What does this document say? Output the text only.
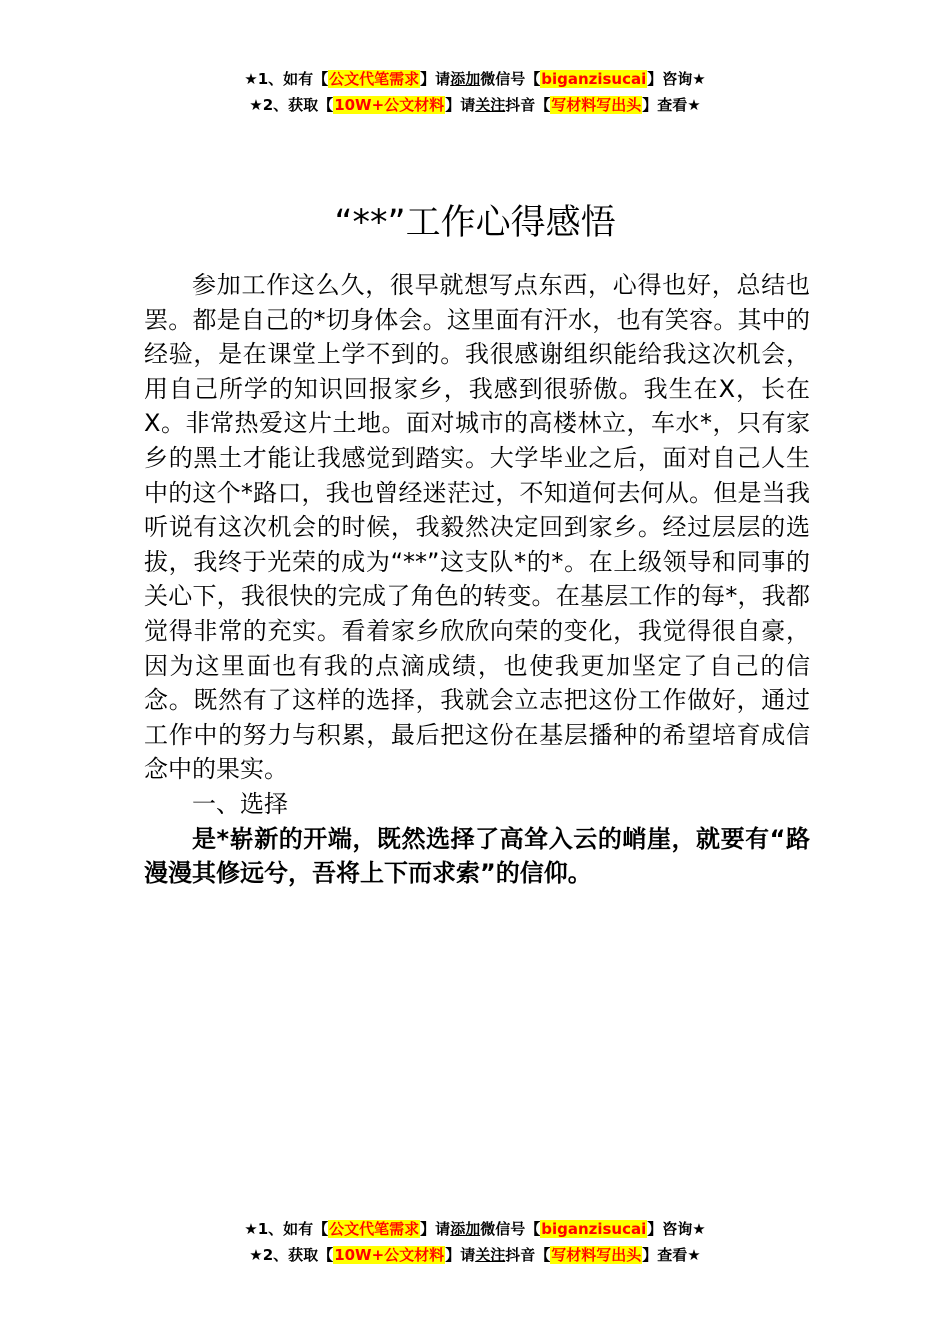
★1、如有【公文代笔需求】请添加微信号【biganzisucai】咨询★
★2、获取【10W+公文材料】请关注抖音【写材料写出头】查看★
“**”工作心得感悟

参加工作这么久，很早就想写点东西，心得也好，总结也罢。都是自己的*切身体会。这里面有汗水，也有笑容。其中的经验，是在课堂上学不到的。我很感谢组织能给我这次机会，用自己所学的知识回报家乡，我感到很骄傲。我生在X，长在X。非常热爱这片土地。面对城市的高楼林立，车水*，只有家乡的黑土才能让我感觉到踏实。大学毕业之后，面对自己人生中的这个*路口，我也曾经迷茫过，不知道何去何从。但是当我听说有这次机会的时候，我毅然决定回到家乡。经过层层的选拔，我终于光荣的成为“**”这支队*的*。在上级领导和同事的关心下，我很快的完成了角色的转变。在基层工作的每*，我都觉得非常的充实。看着家乡欣欣向荣的变化，我觉得很自豪，因为这里面也有我的点滴成绩，也使我更加坚定了自己的信念。既然有了这样的选择，我就会立志把这份工作做好，通过工作中的努力与积累，最后把这份在基层播种的希望培育成信念中的果实。

一、选择

是*崭新的开端，既然选择了高耸入云的峭崖，就要有“路漫漫其修远兮，吾将上下而求索”的信仰。

★1、如有【公文代笔需求】请添加微信号【biganzisucai】咨询★
★2、获取【10W+公文材料】请关注抖音【写材料写出头】查看★
